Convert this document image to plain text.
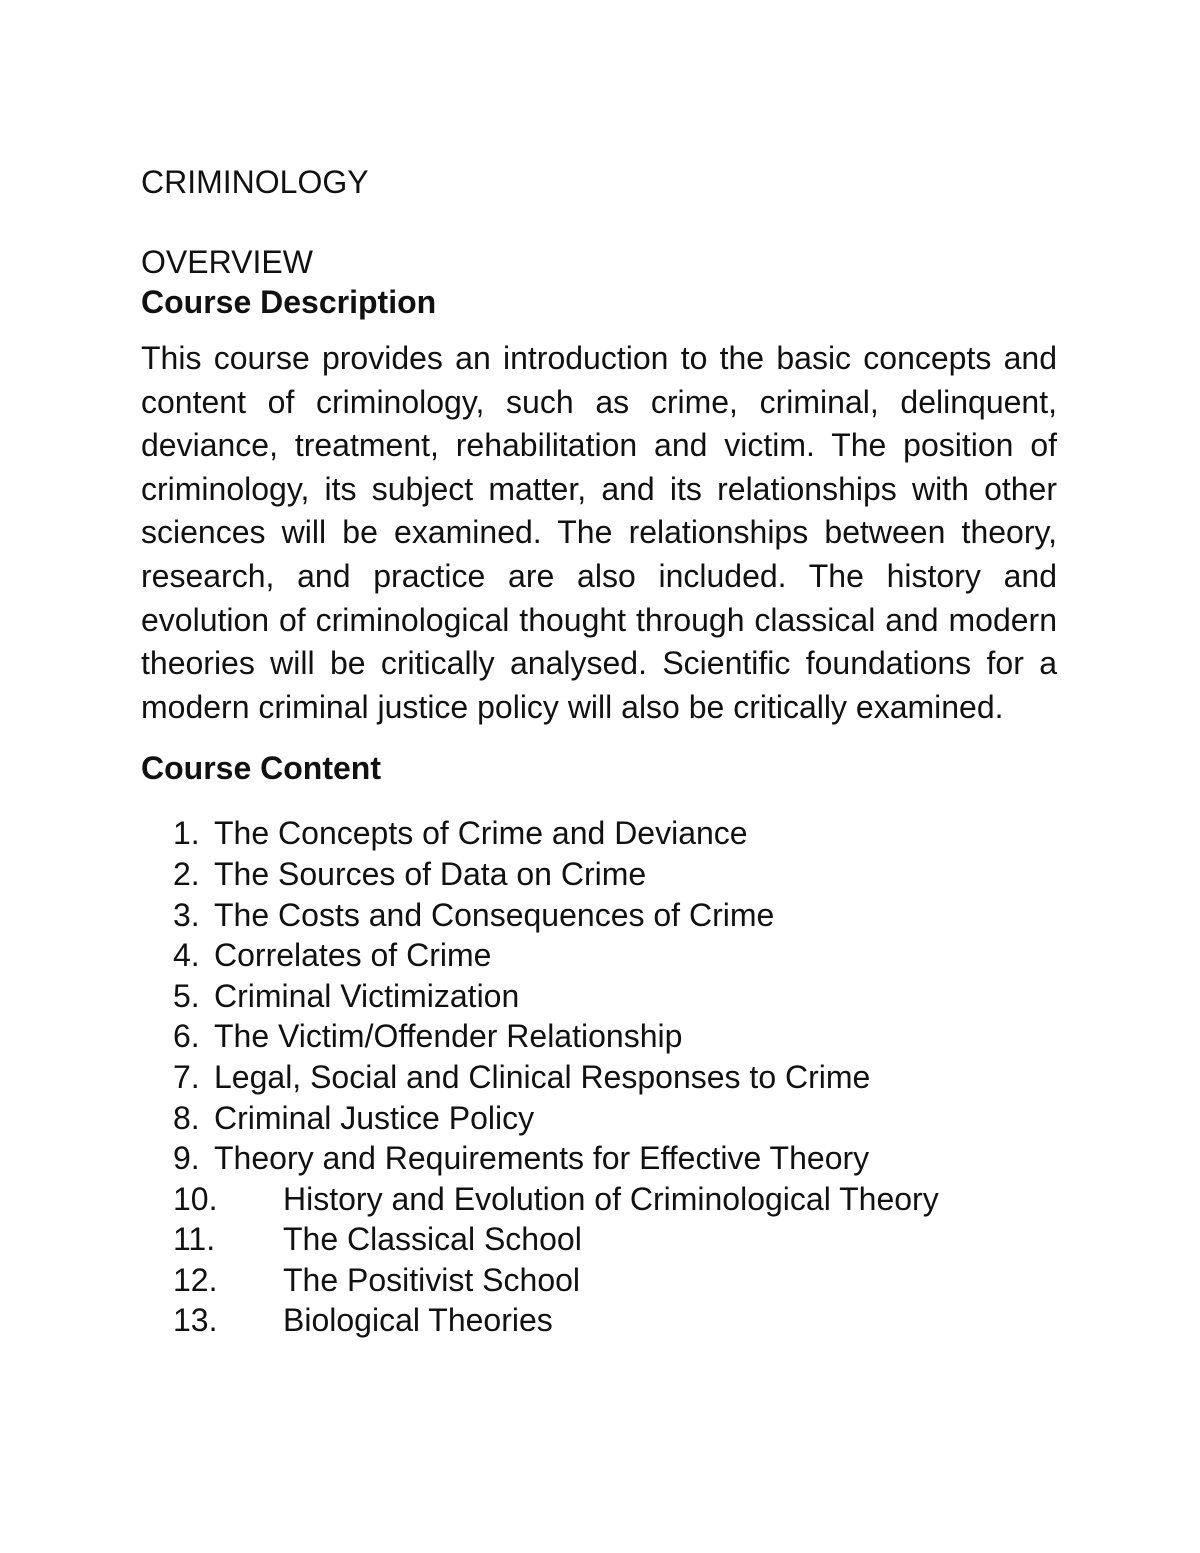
CRIMINOLOGY
OVERVIEW
Course Description

This course provides an introduction to the basic concepts and content of criminology, such as crime, criminal, delinquent, deviance, treatment, rehabilitation and victim. The position of criminology, its subject matter, and its relationships with other sciences will be examined. The relationships between theory, research, and practice are also included. The history and evolution of criminological thought through classical and modern theories will be critically analysed. Scientific foundations for a modern criminal justice policy will also be critically examined.

Course Content
1. The Concepts of Crime and Deviance
2. The Sources of Data on Crime
3. The Costs and Consequences of Crime
4. Correlates of Crime
5. Criminal Victimization
6. The Victim/Offender Relationship
7. Legal, Social and Clinical Responses to Crime
8. Criminal Justice Policy
9. Theory and Requirements for Effective Theory
10. History and Evolution of Criminological Theory
11. The Classical School
12. The Positivist School
13. Biological Theories
